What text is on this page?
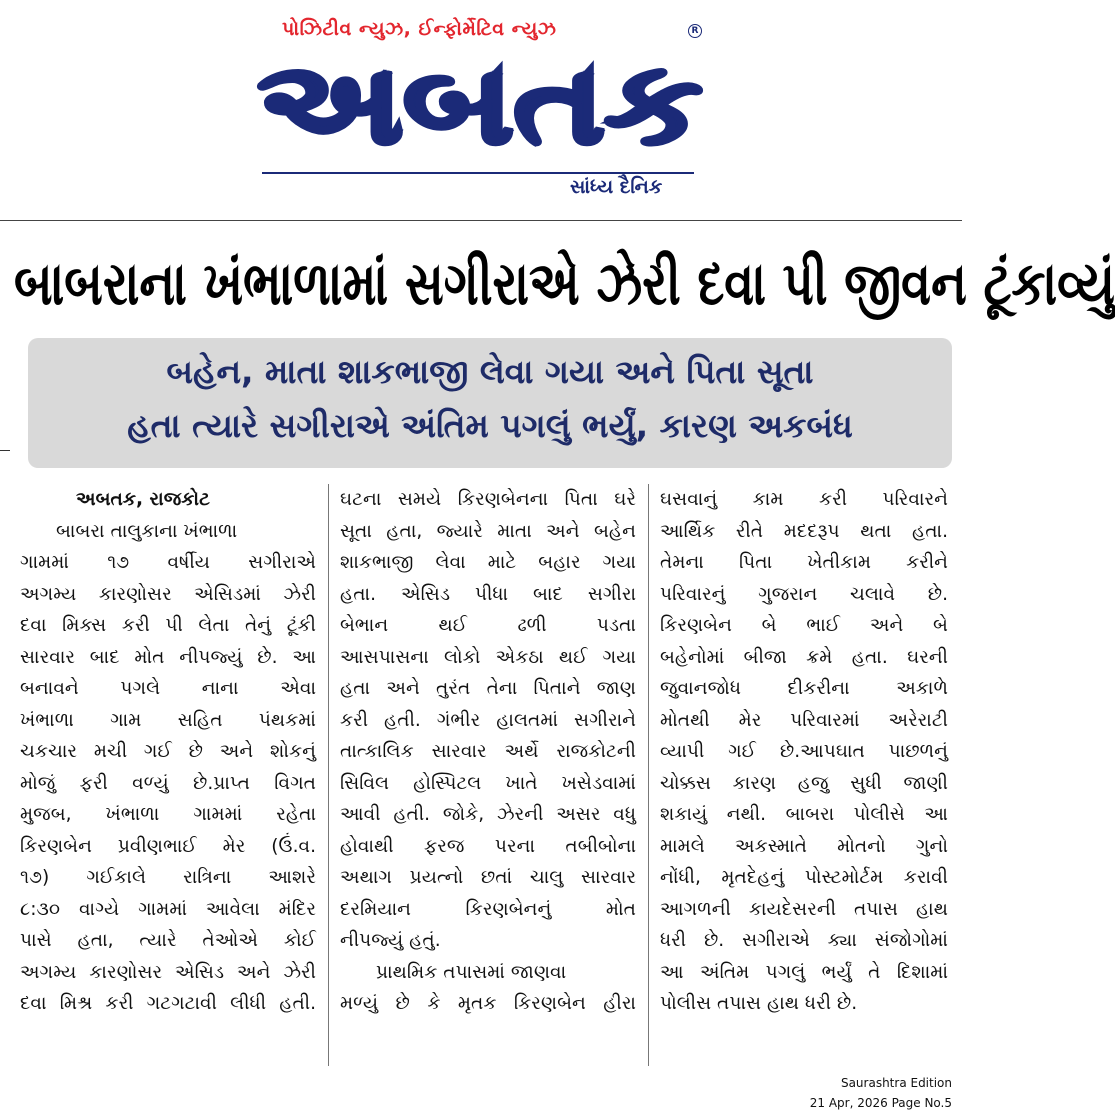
પોઝિટીવ ન્યુઝ, ઈન્ફોર્મેટિવ ન્યુઝ	R
અબતક
સાંધ્ય દૈનિક
બાબરાના ખંભાળામાં સગીરાએ ઝેરી દવા પી જીવન ટૂંકાવ્યું
બહેન, માતા શાકભાજી લેવા ગયા અને પિતા સૂતા
હતા ત્યારે સગીરાએ અંતિમ પગલું ભર્યું, કારણ અકબંધ
અબતક, રાજકોટ
બાબરા તાલુકાના ખંભાળા
ગામમાં ૧૭ વર્ષીય સગીરાએ
અગમ્ય કારણોસર એસિડમાં ઝેરી
દવા મિક્સ કરી પી લેતા તેનું ટૂંકી
સારવાર બાદ મોત નીપજ્યું છે. આ
બનાવને પગલે નાના એવા
ખંભાળા ગામ સહિત પંથકમાં
ચકચાર મચી ગઈ છે અને શોકનું
મોજું ફરી વળ્યું છે.પ્રાપ્ત વિગત
મુજબ, ખંભાળા ગામમાં રહેતા
કિરણબેન પ્રવીણભાઈ મેર (ઉં.વ.
૧૭) ગઈકાલે રાત્રિના આશરે
૮:૩૦ વાગ્યે ગામમાં આવેલા મંદિર
પાસે હતા, ત્યારે તેઓએ કોઈ
અગમ્ય કારણોસર એસિડ અને ઝેરી
દવા મિશ્ર કરી ગટગટાવી લીધી હતી.
ઘટના સમયે કિરણબેનના પિતા ઘરે
સૂતા હતા, જ્યારે માતા અને બહેન
શાકભાજી લેવા માટે બહાર ગયા
હતા. એસિડ પીધા બાદ સગીરા
બેભાન થઈ ઢળી પડતા
આસપાસના લોકો એકઠા થઈ ગયા
હતા અને તુરંત તેના પિતાને જાણ
કરી હતી. ગંભીર હાલતમાં સગીરાને
તાત્કાલિક સારવાર અર્થે રાજકોટની
સિવિલ હોસ્પિટલ ખાતે ખસેડવામાં
આવી હતી. જોકે, ઝેરની અસર વધુ
હોવાથી ફરજ પરના તબીબોના
અથાગ પ્રયત્નો છતાં ચાલુ સારવાર
દરમિયાન કિરણબેનનું મોત
નીપજ્યું હતું.
પ્રાથમિક તપાસમાં જાણવા
મળ્યું છે કે મૃતક કિરણબેન હીરા
ઘસવાનું કામ કરી પરિવારને
આર્થિક રીતે મદદરૂપ થતા હતા.
તેમના પિતા ખેતીકામ કરીને
પરિવારનું ગુજરાન ચલાવે છે.
કિરણબેન બે ભાઈ અને બે
બહેનોમાં બીજા ક્રમે હતા. ઘરની
જુવાનજોધ દીકરીના અકાળે
મોતથી મેર પરિવારમાં અરેરાટી
વ્યાપી ગઈ છે.આપઘાત પાછળનું
ચોક્કસ કારણ હજુ સુધી જાણી
શકાયું નથી. બાબરા પોલીસે આ
મામલે અકસ્માતે મોતનો ગુનો
નોંધી, મૃતદેહનું પોસ્ટમોર્ટમ કરાવી
આગળની કાયદેસરની તપાસ હાથ
ધરી છે. સગીરાએ ક્યા સંજોગોમાં
આ અંતિમ પગલું ભર્યું તે દિશામાં
પોલીસ તપાસ હાથ ધરી છે.
Saurashtra Edition
21 Apr, 2026 Page No.5
